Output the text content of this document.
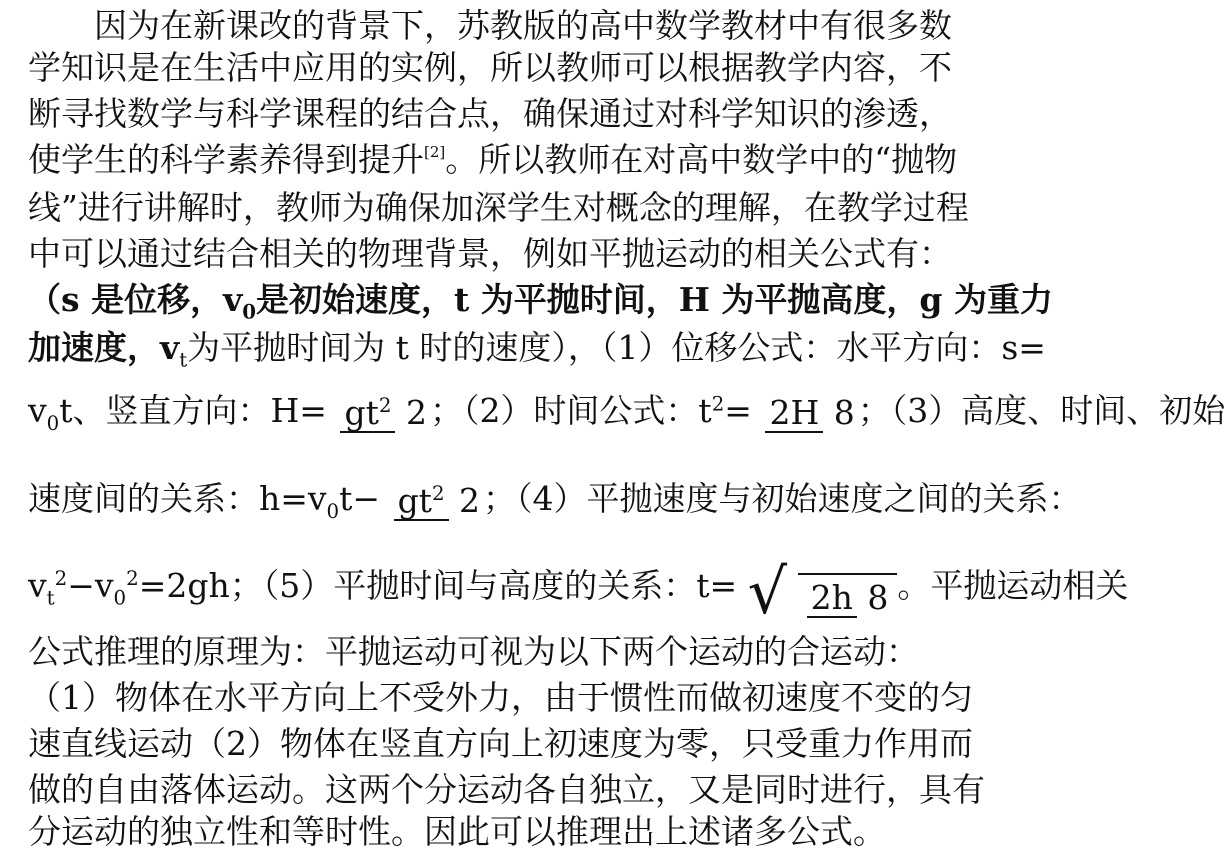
因为在新课改的背景下，苏教版的高中数学教材中有很多数
学知识是在生活中应用的实例，所以教师可以根据教学内容，不
断寻找数学与科学课程的结合点，确保通过对科学知识的渗透，
使学生的科学素养得到提升[2]。所以教师在对高中数学中的“抛物
线”进行讲解时，教师为确保加深学生对概念的理解，在教学过程
中可以通过结合相关的物理背景，例如平抛运动的相关公式有：
（s 是位移，$v_0$是初始速度，t 为平抛时间，H 为平抛高度，g 为重力
加速度，$v_t$为平抛时间为 t 时的速度），（1）位移公式：水平方向：s=
$v_0t$、竖直方向：$H= gt^2$ 2；（2）时间公式：$t^2= 2H$ 8；（3）高度、时间、初始
速度间的关系：$h=v_0t- gt^2$ 2；（4）平抛速度与初始速度之间的关系：
$v_t^2-v_0^2=2gh$；（5）平抛时间与高度的关系：t= √ 2h 8 。平抛运动相关
公式推理的原理为：平抛运动可视为以下两个运动的合运动：
（1）物体在水平方向上不受外力，由于惯性而做初速度不变的匀
速直线运动（2）物体在竖直方向上初速度为零，只受重力作用而
做的自由落体运动。这两个分运动各自独立，又是同时进行，具有
分运动的独立性和等时性。因此可以推理出上述诸多公式。
